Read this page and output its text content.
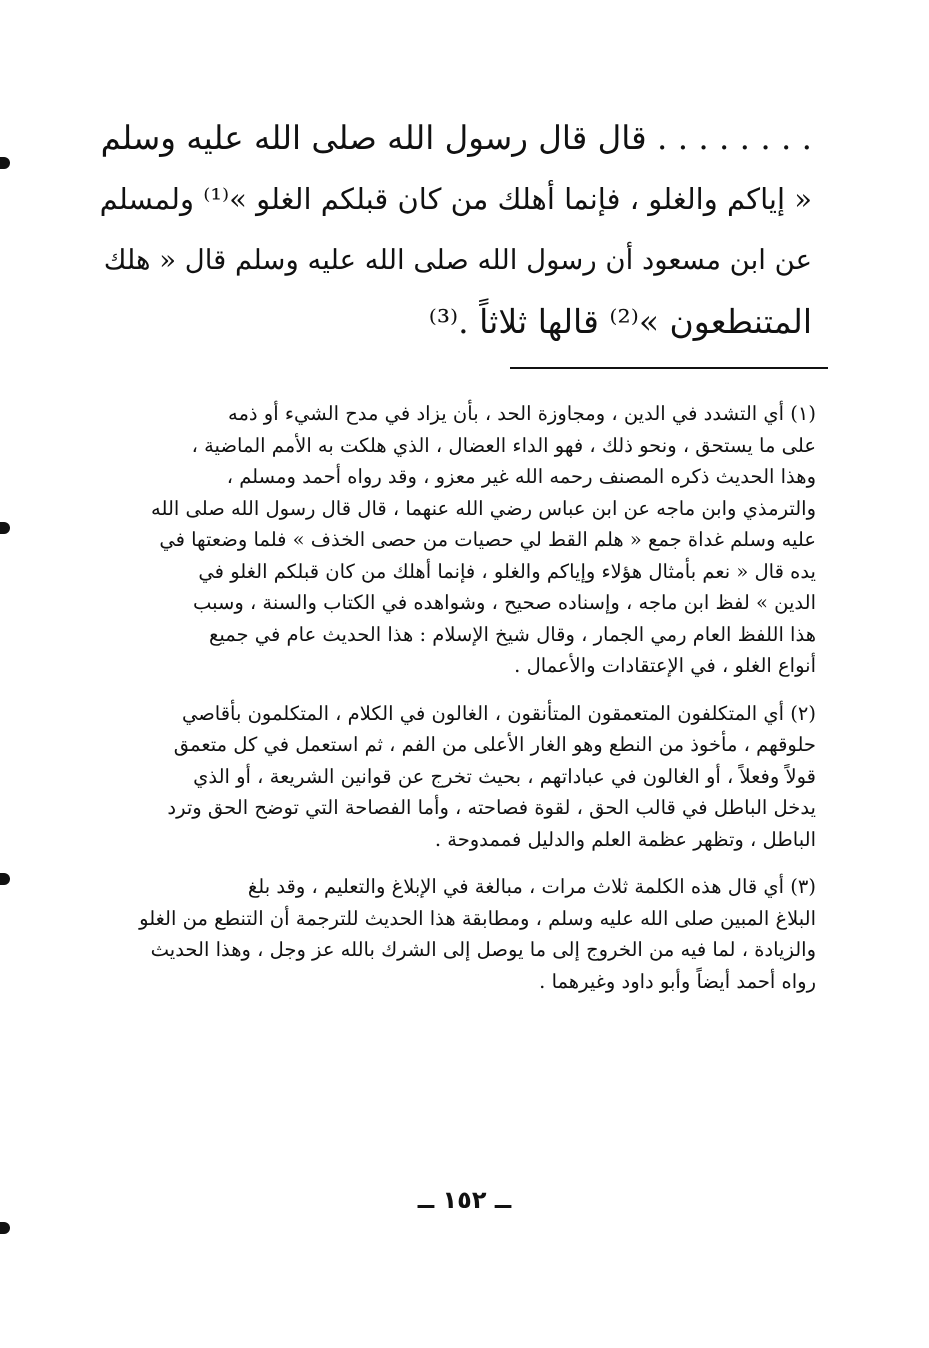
. . . . . . . . قال قال رسول الله صلى الله عليه وسلم
« إياكم والغلو ، فإنما أهلك من كان قبلكم الغلو »⁽¹⁾ ولمسلم
عن ابن مسعود أن رسول الله صلى الله عليه وسلم قال « هلك
المتنطعون »⁽²⁾ قالها ثلاثاً .⁽³⁾
(١) أي التشدد في الدين ، ومجاوزة الحد ، بأن يزاد في مدح الشيء أو ذمه
على ما يستحق ، ونحو ذلك ، فهو الداء العضال ، الذي هلكت به الأمم الماضية ،
وهذا الحديث ذكره المصنف رحمه الله غير معزو ، وقد رواه أحمد ومسلم ،
والترمذي وابن ماجه عن ابن عباس رضي الله عنهما ، قال قال رسول الله صلى الله
عليه وسلم غداة جمع « هلم القط لي حصيات من حصى الخذف » فلما وضعتها في
يده قال « نعم بأمثال هؤلاء وإياكم والغلو ، فإنما أهلك من كان قبلكم الغلو في
الدين » لفظ ابن ماجه ، وإسناده صحيح ، وشواهده في الكتاب والسنة ، وسبب
هذا اللفظ العام رمي الجمار ، وقال شيخ الإسلام : هذا الحديث عام في جميع
أنواع الغلو ، في الإعتقادات والأعمال .
(٢) أي المتكلفون المتعمقون المتأنقون ، الغالون في الكلام ، المتكلمون بأقاصي
حلوقهم ، مأخوذ من النطع وهو الغار الأعلى من الفم ، ثم استعمل في كل متعمق
قولاً وفعلاً ، أو الغالون في عباداتهم ، بحيث تخرج عن قوانين الشريعة ، أو الذي
يدخل الباطل في قالب الحق ، لقوة فصاحته ، وأما الفصاحة التي توضح الحق وترد
الباطل ، وتظهر عظمة العلم والدليل فممدوحة .
(٣) أي قال هذه الكلمة ثلاث مرات ، مبالغة في الإبلاغ والتعليم ، وقد بلغ
البلاغ المبين صلى الله عليه وسلم ، ومطابقة هذا الحديث للترجمة أن التنطع من الغلو
والزيادة ، لما فيه من الخروج إلى ما يوصل إلى الشرك بالله عز وجل ، وهذا الحديث
رواه أحمد أيضاً وأبو داود وغيرهما .
ــ ١٥٢ ــ
